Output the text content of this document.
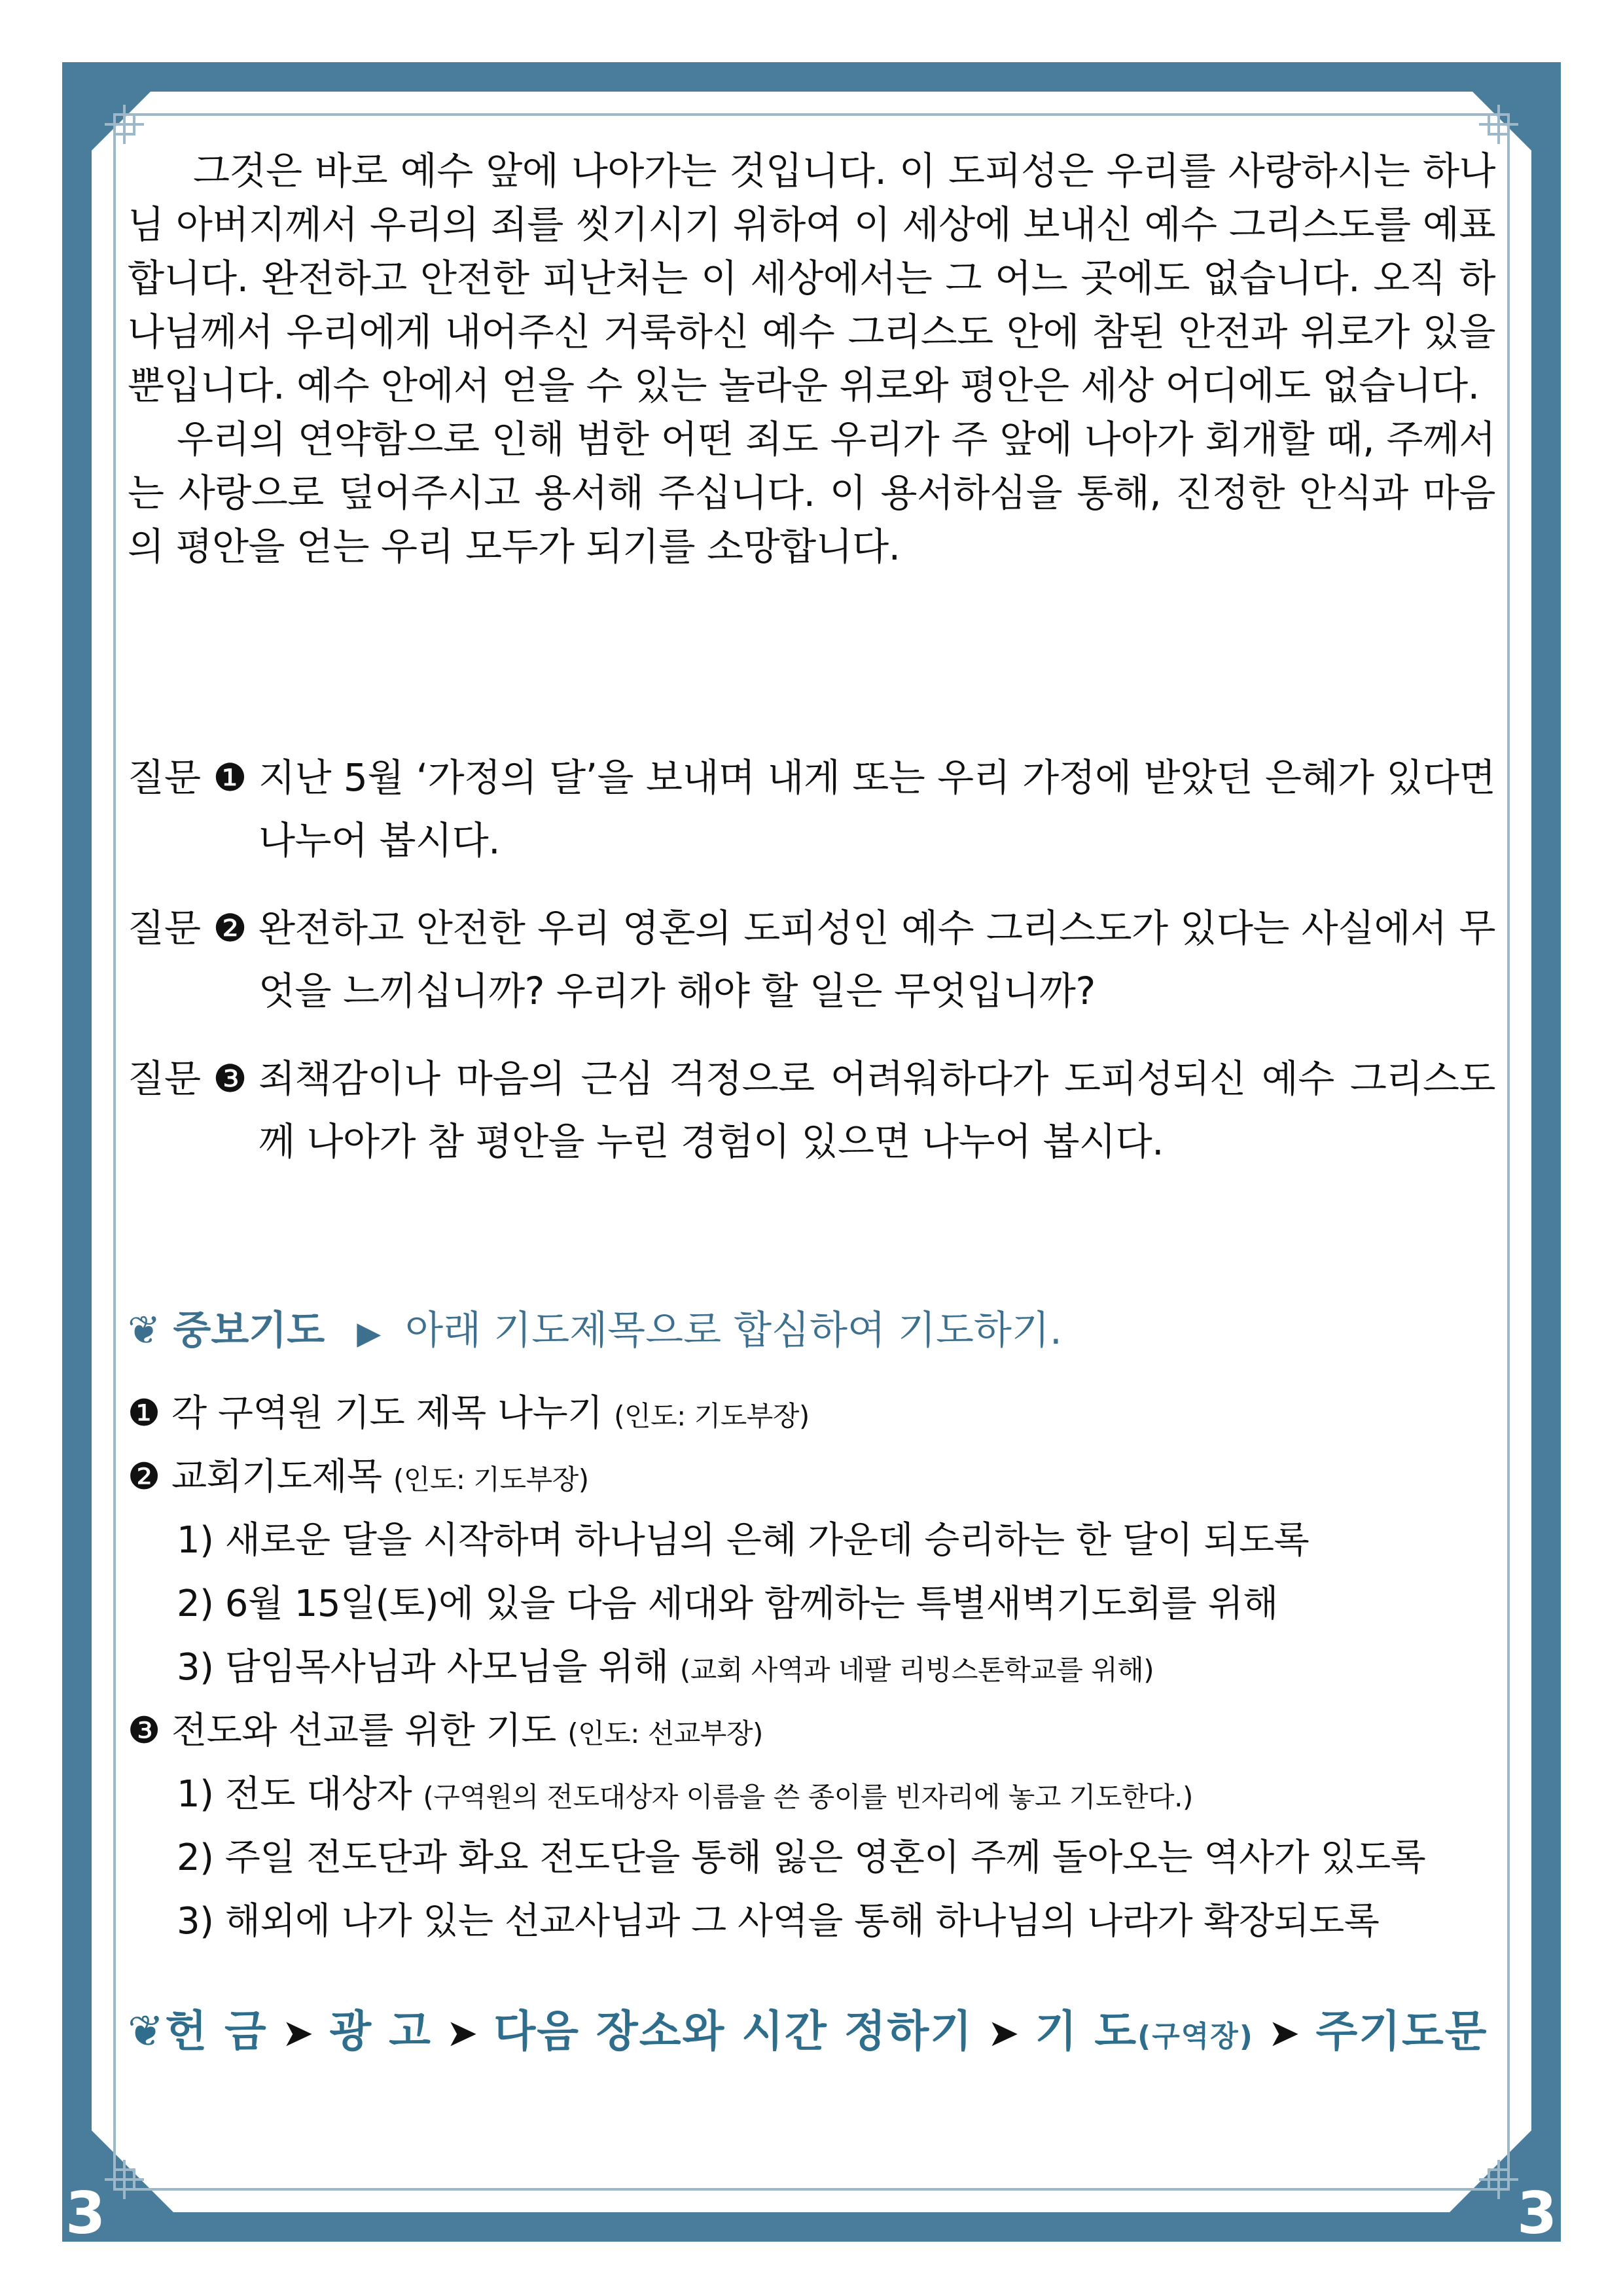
그것은 바로 예수 앞에 나아가는 것입니다. 이 도피성은 우리를 사랑하시는 하나님 아버지께서 우리의 죄를 씻기시기 위하여 이 세상에 보내신 예수 그리스도를 예표합니다. 완전하고 안전한 피난처는 이 세상에서는 그 어느 곳에도 없습니다. 오직 하나님께서 우리에게 내어주신 거룩하신 예수 그리스도 안에 참된 안전과 위로가 있을 뿐입니다. 예수 안에서 얻을 수 있는 놀라운 위로와 평안은 세상 어디에도 없습니다.

우리의 연약함으로 인해 범한 어떤 죄도 우리가 주 앞에 나아가 회개할 때, 주께서는 사랑으로 덮어주시고 용서해 주십니다. 이 용서하심을 통해, 진정한 안식과 마음의 평안을 얻는 우리 모두가 되기를 소망합니다.

질문 ❶ 지난 5월 ‘가정의 달’을 보내며 내게 또는 우리 가정에 받았던 은혜가 있다면 나누어 봅시다.
질문 ❷ 완전하고 안전한 우리 영혼의 도피성인 예수 그리스도가 있다는 사실에서 무엇을 느끼십니까? 우리가 해야 할 일은 무엇입니까?
질문 ❸ 죄책감이나 마음의 근심 걱정으로 어려워하다가 도피성되신 예수 그리스도께 나아가 참 평안을 누린 경험이 있으면 나누어 봅시다.
❦ 중보기도 ▶ 아래 기도제목으로 합심하여 기도하기.
❶ 각 구역원 기도 제목 나누기 (인도: 기도부장)
❷ 교회기도제목 (인도: 기도부장)
1) 새로운 달을 시작하며 하나님의 은혜 가운데 승리하는 한 달이 되도록
2) 6월 15일(토)에 있을 다음 세대와 함께하는 특별새벽기도회를 위해
3) 담임목사님과 사모님을 위해 (교회 사역과 네팔 리빙스톤학교를 위해)
❸ 전도와 선교를 위한 기도 (인도: 선교부장)
1) 전도 대상자 (구역원의 전도대상자 이름을 쓴 종이를 빈자리에 놓고 기도한다.)
2) 주일 전도단과 화요 전도단을 통해 잃은 영혼이 주께 돌아오는 역사가 있도록
3) 해외에 나가 있는 선교사님과 그 사역을 통해 하나님의 나라가 확장되도록
❦헌 금 ➤ 광 고 ➤ 다음 장소와 시간 정하기 ➤ 기 도(구역장) ➤ 주기도문
3	3
